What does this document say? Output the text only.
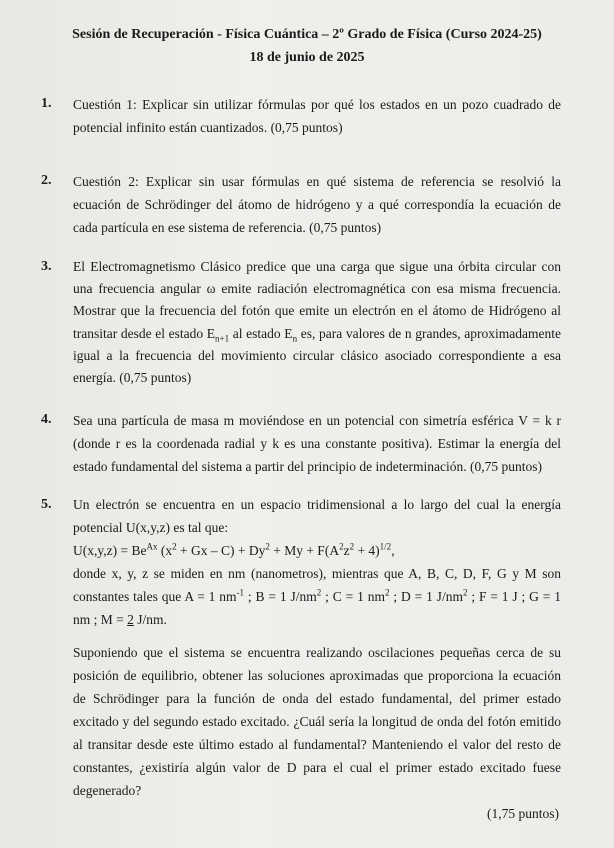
Sesión de Recuperación - Física Cuántica – 2º Grado de Física (Curso 2024-25)
18 de junio de 2025
1. Cuestión 1: Explicar sin utilizar fórmulas por qué los estados en un pozo cuadrado de potencial infinito están cuantizados. (0,75 puntos)

2. Cuestión 2: Explicar sin usar fórmulas en qué sistema de referencia se resolvió la ecuación de Schrödinger del átomo de hidrógeno y a qué correspondía la ecuación de cada partícula en ese sistema de referencia. (0,75 puntos)

3. El Electromagnetismo Clásico predice que una carga que sigue una órbita circular con una frecuencia angular ω emite radiación electromagnética con esa misma frecuencia. Mostrar que la frecuencia del fotón que emite un electrón en el átomo de Hidrógeno al transitar desde el estado $E_{n+1}$ al estado $E_n$ es, para valores de n grandes, aproximadamente igual a la frecuencia del movimiento circular clásico asociado correspondiente a esa energía. (0,75 puntos)

4. Sea una partícula de masa m moviéndose en un potencial con simetría esférica V = k r (donde r es la coordenada radial y k es una constante positiva). Estimar la energía del estado fundamental del sistema a partir del principio de indeterminación. (0,75 puntos)

5. Un electrón se encuentra en un espacio tridimensional a lo largo del cual la energía potencial U(x,y,z) es tal que:

$U(x,y,z) = Be^{Ax}$ $(x^2 + Gx - C) + Dy^2 + My + F(A^2z^2 + 4)^{1/2}$,

donde x, y, z se miden en nm (nanometros), mientras que A, B, C, D, F, G y M son constantes tales que A = 1 $nm^{-1}$ ; B = 1 $J/nm^2$ ; C = 1 $nm^2$ ; D = 1 $J/nm^2$ ; F = 1 J ; G = 1 nm ; M = 2 J/nm.

Suponiendo que el sistema se encuentra realizando oscilaciones pequeñas cerca de su posición de equilibrio, obtener las soluciones aproximadas que proporciona la ecuación de Schrödinger para la función de onda del estado fundamental, del primer estado excitado y del segundo estado excitado. ¿Cuál sería la longitud de onda del fotón emitido al transitar desde este último estado al fundamental? Manteniendo el valor del resto de constantes, ¿existiría algún valor de D para el cual el primer estado excitado fuese degenerado?

(1,75 puntos)
